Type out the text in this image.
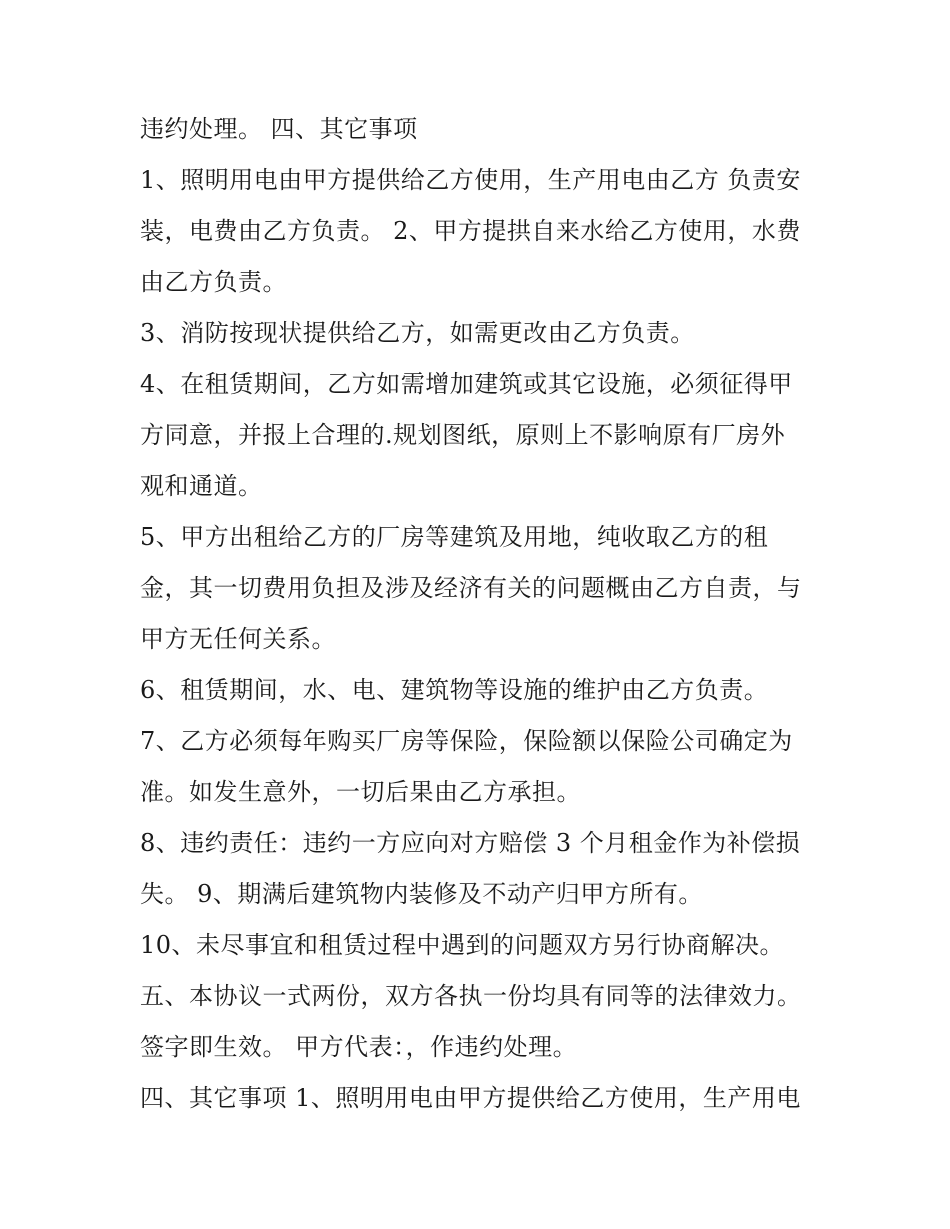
违约处理。 四、其它事项
1、照明用电由甲方提供给乙方使用，生产用电由乙方 负责安
装，电费由乙方负责。 2、甲方提拱自来水给乙方使用，水费
由乙方负责。
3、消防按现状提供给乙方，如需更改由乙方负责。
4、在租赁期间，乙方如需增加建筑或其它设施，必须征得甲
方同意，并报上合理的.规划图纸，原则上不影响原有厂房外
观和通道。
5、甲方出租给乙方的厂房等建筑及用地，纯收取乙方的租
金，其一切费用负担及涉及经济有关的问题概由乙方自责，与
甲方无任何关系。
6、租赁期间，水、电、建筑物等设施的维护由乙方负责。
7、乙方必须每年购买厂房等保险，保险额以保险公司确定为
准。如发生意外，一切后果由乙方承担。
8、违约责任：违约一方应向对方赔偿 3 个月租金作为补偿损
失。 9、期满后建筑物内装修及不动产归甲方所有。
10、未尽事宜和租赁过程中遇到的问题双方另行协商解决。
五、本协议一式两份，双方各执一份均具有同等的法律效力。
签字即生效。 甲方代表：，作违约处理。
四、其它事项 1、照明用电由甲方提供给乙方使用，生产用电
